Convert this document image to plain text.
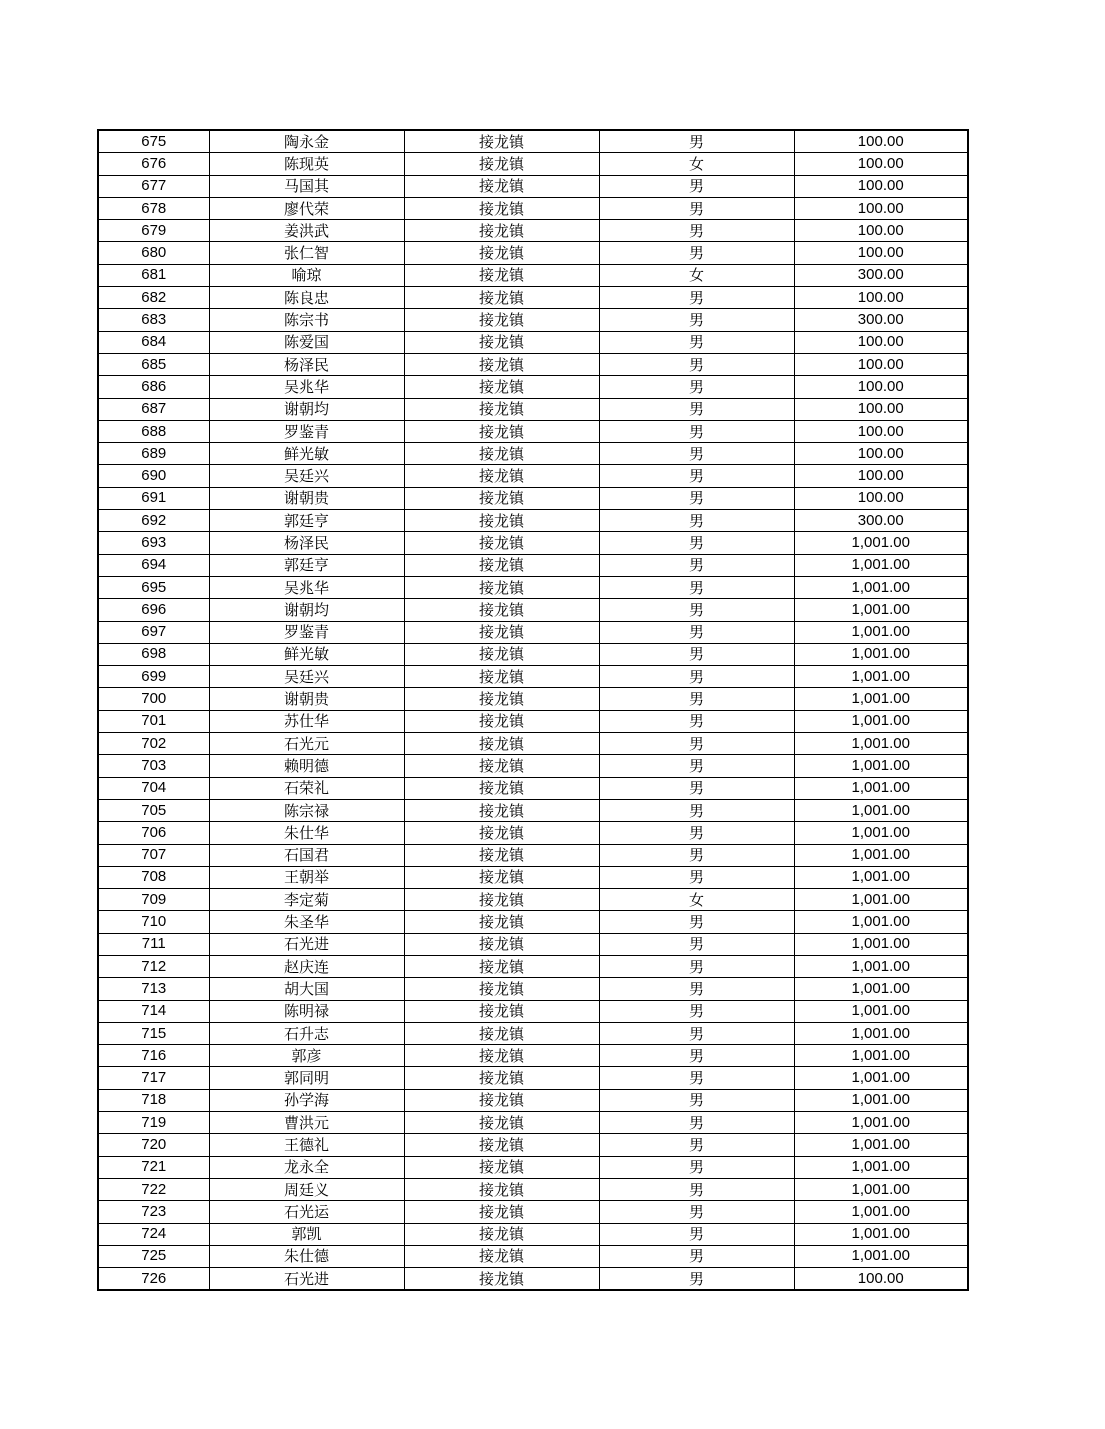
675	陶永金	接龙镇	男	100.00
676	陈现英	接龙镇	女	100.00
677	马国其	接龙镇	男	100.00
678	廖代荣	接龙镇	男	100.00
679	姜洪武	接龙镇	男	100.00
680	张仁智	接龙镇	男	100.00
681	喻琼	接龙镇	女	300.00
682	陈良忠	接龙镇	男	100.00
683	陈宗书	接龙镇	男	300.00
684	陈爱国	接龙镇	男	100.00
685	杨泽民	接龙镇	男	100.00
686	吴兆华	接龙镇	男	100.00
687	谢朝均	接龙镇	男	100.00
688	罗鉴青	接龙镇	男	100.00
689	鲜光敏	接龙镇	男	100.00
690	吴廷兴	接龙镇	男	100.00
691	谢朝贵	接龙镇	男	100.00
692	郭廷亨	接龙镇	男	300.00
693	杨泽民	接龙镇	男	1,001.00
694	郭廷亨	接龙镇	男	1,001.00
695	吴兆华	接龙镇	男	1,001.00
696	谢朝均	接龙镇	男	1,001.00
697	罗鉴青	接龙镇	男	1,001.00
698	鲜光敏	接龙镇	男	1,001.00
699	吴廷兴	接龙镇	男	1,001.00
700	谢朝贵	接龙镇	男	1,001.00
701	苏仕华	接龙镇	男	1,001.00
702	石光元	接龙镇	男	1,001.00
703	赖明德	接龙镇	男	1,001.00
704	石荣礼	接龙镇	男	1,001.00
705	陈宗禄	接龙镇	男	1,001.00
706	朱仕华	接龙镇	男	1,001.00
707	石国君	接龙镇	男	1,001.00
708	王朝举	接龙镇	男	1,001.00
709	李定菊	接龙镇	女	1,001.00
710	朱圣华	接龙镇	男	1,001.00
711	石光进	接龙镇	男	1,001.00
712	赵庆连	接龙镇	男	1,001.00
713	胡大国	接龙镇	男	1,001.00
714	陈明禄	接龙镇	男	1,001.00
715	石升志	接龙镇	男	1,001.00
716	郭彦	接龙镇	男	1,001.00
717	郭同明	接龙镇	男	1,001.00
718	孙学海	接龙镇	男	1,001.00
719	曹洪元	接龙镇	男	1,001.00
720	王德礼	接龙镇	男	1,001.00
721	龙永全	接龙镇	男	1,001.00
722	周廷义	接龙镇	男	1,001.00
723	石光运	接龙镇	男	1,001.00
724	郭凯	接龙镇	男	1,001.00
725	朱仕德	接龙镇	男	1,001.00
726	石光进	接龙镇	男	100.00
